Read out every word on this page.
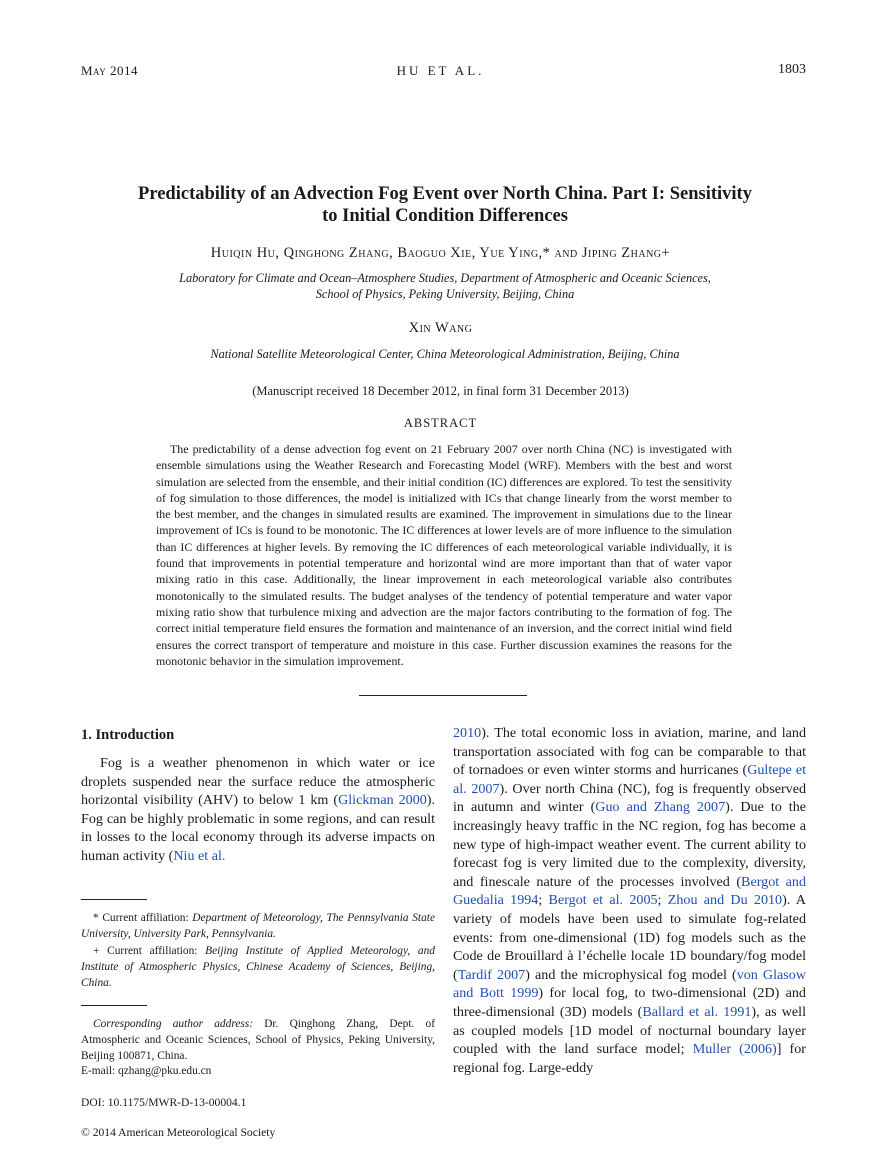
May 2014	HU ET AL.	1803
Predictability of an Advection Fog Event over North China. Part I: Sensitivity
to Initial Condition Differences
Huiqin Hu, Qinghong Zhang, Baoguo Xie, Yue Ying,* and Jiping Zhang+
Laboratory for Climate and Ocean–Atmosphere Studies, Department of Atmospheric and Oceanic Sciences,
School of Physics, Peking University, Beijing, China
Xin Wang
National Satellite Meteorological Center, China Meteorological Administration, Beijing, China
(Manuscript received 18 December 2012, in final form 31 December 2013)
ABSTRACT
The predictability of a dense advection fog event on 21 February 2007 over north China (NC) is investigated with ensemble simulations using the Weather Research and Forecasting Model (WRF). Members with the best and worst simulation are selected from the ensemble, and their initial condition (IC) differences are explored. To test the sensitivity of fog simulation to those differences, the model is initialized with ICs that change linearly from the worst member to the best member, and the changes in simulated results are examined. The improvement in simulations due to the linear improvement of ICs is found to be monotonic. The IC differences at lower levels are of more influence to the simulation than IC differences at higher levels. By removing the IC differences of each meteorological variable individually, it is found that improvements in potential temperature and horizontal wind are more important than that of water vapor mixing ratio in this case. Additionally, the linear improvement in each meteorological variable also contributes monotonically to the simulated results. The budget analyses of the tendency of potential temperature and water vapor mixing ratio show that turbulence mixing and advection are the major factors contributing to the formation of fog. The correct initial temperature field ensures the formation and maintenance of an inversion, and the correct initial wind field ensures the correct transport of temperature and moisture in this case. Further discussion examines the reasons for the monotonic behavior in the simulation improvement.
1. Introduction
Fog is a weather phenomenon in which water or ice droplets suspended near the surface reduce the atmospheric horizontal visibility (AHV) to below 1 km (Glickman 2000). Fog can be highly problematic in some regions, and can result in losses to the local economy through its adverse impacts on human activity (Niu et al.
* Current affiliation: Department of Meteorology, The Pennsylvania State University, University Park, Pennsylvania.
+ Current affiliation: Beijing Institute of Applied Meteorology, and Institute of Atmospheric Physics, Chinese Academy of Sciences, Beijing, China.
Corresponding author address: Dr. Qinghong Zhang, Dept. of Atmospheric and Oceanic Sciences, School of Physics, Peking University, Beijing 100871, China.

E-mail: qzhang@pku.edu.cn
DOI: 10.1175/MWR-D-13-00004.1
© 2014 American Meteorological Society
2010). The total economic loss in aviation, marine, and land transportation associated with fog can be comparable to that of tornadoes or even winter storms and hurricanes (Gultepe et al. 2007). Over north China (NC), fog is frequently observed in autumn and winter (Guo and Zhang 2007). Due to the increasingly heavy traffic in the NC region, fog has become a new type of high-impact weather event. The current ability to forecast fog is very limited due to the complexity, diversity, and finescale nature of the processes involved (Bergot and Guedalia 1994; Bergot et al. 2005; Zhou and Du 2010). A variety of models have been used to simulate fog-related events: from one-dimensional (1D) fog models such as the Code de Brouillard à l’échelle locale 1D boundary/fog model (Tardif 2007) and the microphysical fog model (von Glasow and Bott 1999) for local fog, to two-dimensional (2D) and three-dimensional (3D) models (Ballard et al. 1991), as well as coupled models [1D model of nocturnal boundary layer coupled with the land surface model; Muller (2006)] for regional fog. Large-eddy
